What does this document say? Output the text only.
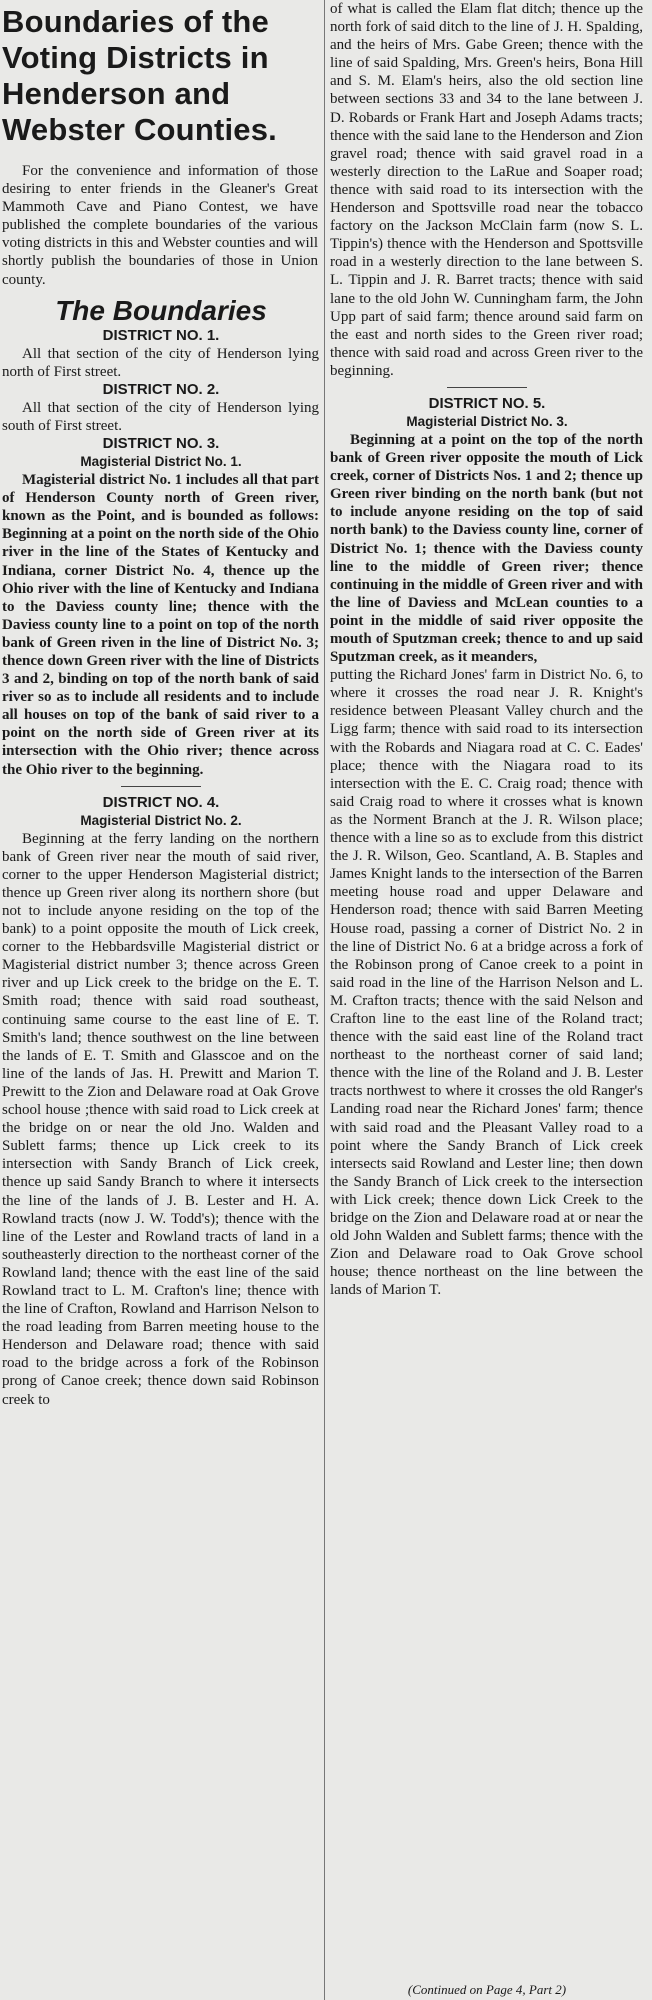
Boundaries of the Voting Districts in Henderson and Webster Counties.

For the convenience and information of those desiring to enter friends in the Gleaner's Great Mammoth Cave and Piano Contest, we have published the complete boundaries of the various voting districts in this and Webster counties and will shortly publish the boundaries of those in Union county.

The Boundaries
DISTRICT NO. 1.

All that section of the city of Henderson lying north of First street.

DISTRICT NO. 2.

All that section of the city of Henderson lying south of First street.

DISTRICT NO. 3.
Magisterial District No. 1.

Magisterial district No. 1 includes all that part of Henderson County north of Green river, known as the Point, and is bounded as follows: Beginning at a point on the north side of the Ohio river in the line of the States of Kentucky and Indiana, corner District No. 4, thence up the Ohio river with the line of Kentucky and Indiana to the Daviess county line; thence with the Daviess county line to a point on top of the north bank of Green riven in the line of District No. 3; thence down Green river with the line of Districts 3 and 2, binding on top of the north bank of said river so as to include all residents and to include all houses on top of the bank of said river to a point on the north side of Green river at its intersection with the Ohio river; thence across the Ohio river to the beginning.

DISTRICT NO. 4.
Magisterial District No. 2.

Beginning at the ferry landing on the northern bank of Green river near the mouth of said river, corner to the upper Henderson Magisterial district; thence up Green river along its northern shore (but not to include anyone residing on the top of the bank) to a point opposite the mouth of Lick creek, corner to the Hebbardsville Magisterial district or Magisterial district number 3; thence across Green river and up Lick creek to the bridge on the E. T. Smith road; thence with said road southeast, continuing same course to the east line of E. T. Smith's land; thence southwest on the line between the lands of E. T. Smith and Glasscoe and on the line of the lands of Jas. H. Prewitt and Marion T. Prewitt to the Zion and Delaware road at Oak Grove school house ;thence with said road to Lick creek at the bridge on or near the old Jno. Walden and Sublett farms; thence up Lick creek to its intersection with Sandy Branch of Lick creek, thence up said Sandy Branch to where it intersects the line of the lands of J. B. Lester and H. A. Rowland tracts (now J. W. Todd's); thence with the line of the Lester and Rowland tracts of land in a southeasterly direction to the northeast corner of the Rowland land; thence with the east line of the said Rowland tract to L. M. Crafton's line; thence with the line of Crafton, Rowland and Harrison Nelson to the road leading from Barren meeting house to the Henderson and Delaware road; thence with said road to the bridge across a fork of the Robinson prong of Canoe creek; thence down said Robinson creek to

of what is called the Elam flat ditch; thence up the north fork of said ditch to the line of J. H. Spalding, and the heirs of Mrs. Gabe Green; thence with the line of said Spalding, Mrs. Green's heirs, Bona Hill and S. M. Elam's heirs, also the old section line between sections 33 and 34 to the lane between J. D. Robards or Frank Hart and Joseph Adams tracts; thence with the said lane to the Henderson and Zion gravel road; thence with said gravel road in a westerly direction to the LaRue and Soaper road; thence with said road to its intersection with the Henderson and Spottsville road near the tobacco factory on the Jackson McClain farm (now S. L. Tippin's) thence with the Henderson and Spottsville road in a westerly direction to the lane between S. L. Tippin and J. R. Barret tracts; thence with said lane to the old John W. Cunningham farm, the John Upp part of said farm; thence around said farm on the east and north sides to the Green river road; thence with said road and across Green river to the beginning.

DISTRICT NO. 5.
Magisterial District No. 3.

Beginning at a point on the top of the north bank of Green river opposite the mouth of Lick creek, corner of Districts Nos. 1 and 2; thence up Green river binding on the north bank (but not to include anyone residing on the top of said north bank) to the Daviess county line, corner of District No. 1; thence with the Daviess county line to the middle of Green river; thence continuing in the middle of Green river and with the line of Daviess and McLean counties to a point in the middle of said river opposite the mouth of Sputzman creek; thence to and up said Sputzman creek, as it meanders,

putting the Richard Jones' farm in District No. 6, to where it crosses the road near J. R. Knight's residence between Pleasant Valley church and the Ligg farm; thence with said road to its intersection with the Robards and Niagara road at C. C. Eades' place; thence with the Niagara road to its intersection with the E. C. Craig road; thence with said Craig road to where it crosses what is known as the Norment Branch at the J. R. Wilson place; thence with a line so as to exclude from this district the J. R. Wilson, Geo. Scantland, A. B. Staples and James Knight lands to the intersection of the Barren meeting house road and upper Delaware and Henderson road; thence with said Barren Meeting House road, passing a corner of District No. 2 in the line of District No. 6 at a bridge across a fork of the Robinson prong of Canoe creek to a point in said road in the line of the Harrison Nelson and L. M. Crafton tracts; thence with the said Nelson and Crafton line to the east line of the Roland tract; thence with the said east line of the Roland tract northeast to the northeast corner of said land; thence with the line of the Roland and J. B. Lester tracts northwest to where it crosses the old Ranger's Landing road near the Richard Jones' farm; thence with said road and the Pleasant Valley road to a point where the Sandy Branch of Lick creek intersects said Rowland and Lester line; then down the Sandy Branch of Lick creek to the intersection with Lick creek; thence down Lick Creek to the bridge on the Zion and Delaware road at or near the old John Walden and Sublett farms; thence with the Zion and Delaware road to Oak Grove school house; thence northeast on the line between the lands of Marion T.

(Continued on Page 4, Part 2)
